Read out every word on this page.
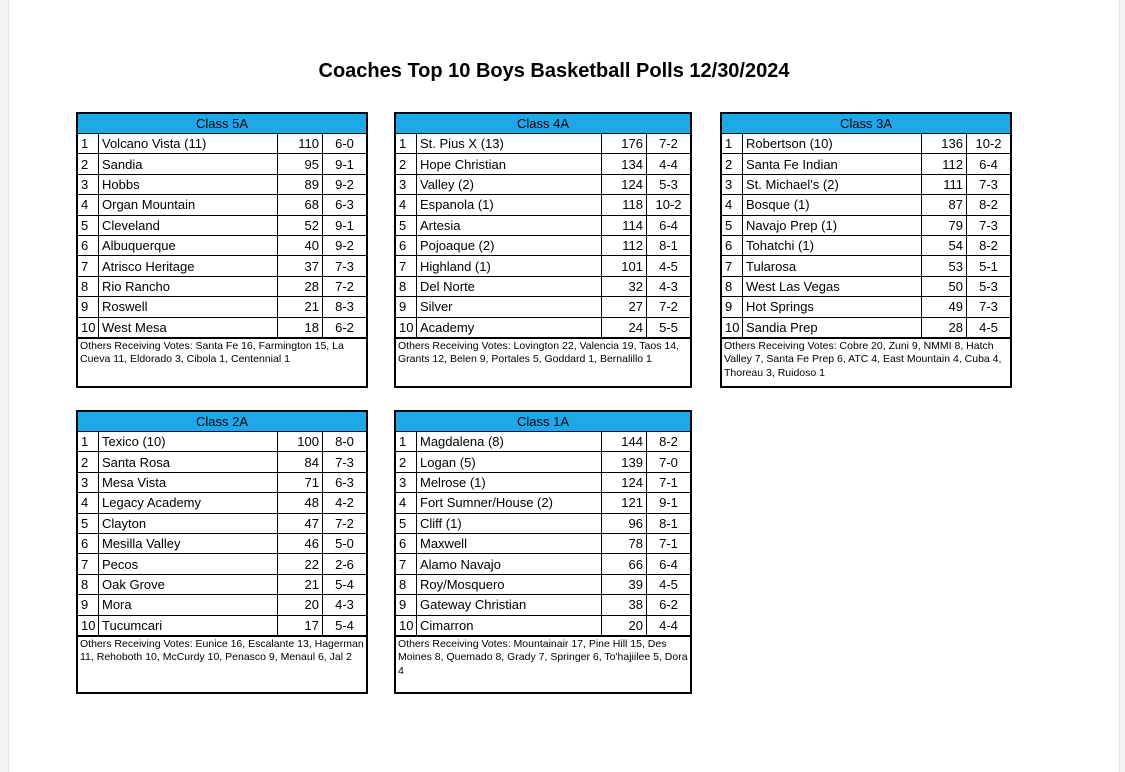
Coaches Top 10 Boys Basketball Polls 12/30/2024
Class 5A
1	Volcano Vista (11)	110	6-0
2	Sandia	95	9-1
3	Hobbs	89	9-2
4	Organ Mountain	68	6-3
5	Cleveland	52	9-1
6	Albuquerque	40	9-2
7	Atrisco Heritage	37	7-3
8	Rio Rancho	28	7-2
9	Roswell	21	8-3
10	West Mesa	18	6-2
Others Receiving Votes: Santa Fe 16, Farmington 15, La Cueva 11, Eldorado 3, Cibola 1, Centennial 1
Class 4A
1	St. Pius X (13)	176	7-2
2	Hope Christian	134	4-4
3	Valley (2)	124	5-3
4	Espanola (1)	118	10-2
5	Artesia	114	6-4
6	Pojoaque (2)	112	8-1
7	Highland (1)	101	4-5
8	Del Norte	32	4-3
9	Silver	27	7-2
10	Academy	24	5-5
Others Receiving Votes: Lovington 22, Valencia 19, Taos 14, Grants 12, Belen 9, Portales 5, Goddard 1, Bernalillo 1
Class 3A
1	Robertson (10)	136	10-2
2	Santa Fe Indian	112	6-4
3	St. Michael's (2)	111	7-3
4	Bosque (1)	87	8-2
5	Navajo Prep (1)	79	7-3
6	Tohatchi (1)	54	8-2
7	Tularosa	53	5-1
8	West Las Vegas	50	5-3
9	Hot Springs	49	7-3
10	Sandia Prep	28	4-5
Others Receiving Votes: Cobre 20, Zuni 9, NMMI 8, Hatch Valley 7, Santa Fe Prep 6, ATC 4, East Mountain 4, Cuba 4, Thoreau 3, Ruidoso 1
Class 2A
1	Texico (10)	100	8-0
2	Santa Rosa	84	7-3
3	Mesa Vista	71	6-3
4	Legacy Academy	48	4-2
5	Clayton	47	7-2
6	Mesilla Valley	46	5-0
7	Pecos	22	2-6
8	Oak Grove	21	5-4
9	Mora	20	4-3
10	Tucumcari	17	5-4
Others Receiving Votes: Eunice 16, Escalante 13, Hagerman 11, Rehoboth 10, McCurdy 10, Penasco 9, Menaul 6, Jal 2
Class 1A
1	Magdalena (8)	144	8-2
2	Logan (5)	139	7-0
3	Melrose (1)	124	7-1
4	Fort Sumner/House (2)	121	9-1
5	Cliff (1)	96	8-1
6	Maxwell	78	7-1
7	Alamo Navajo	66	6-4
8	Roy/Mosquero	39	4-5
9	Gateway Christian	38	6-2
10	Cimarron	20	4-4
Others Receiving Votes: Mountainair 17, Pine Hill 15, Des Moines 8, Quemado 8, Grady 7, Springer 6, To'hajiilee 5, Dora 4
